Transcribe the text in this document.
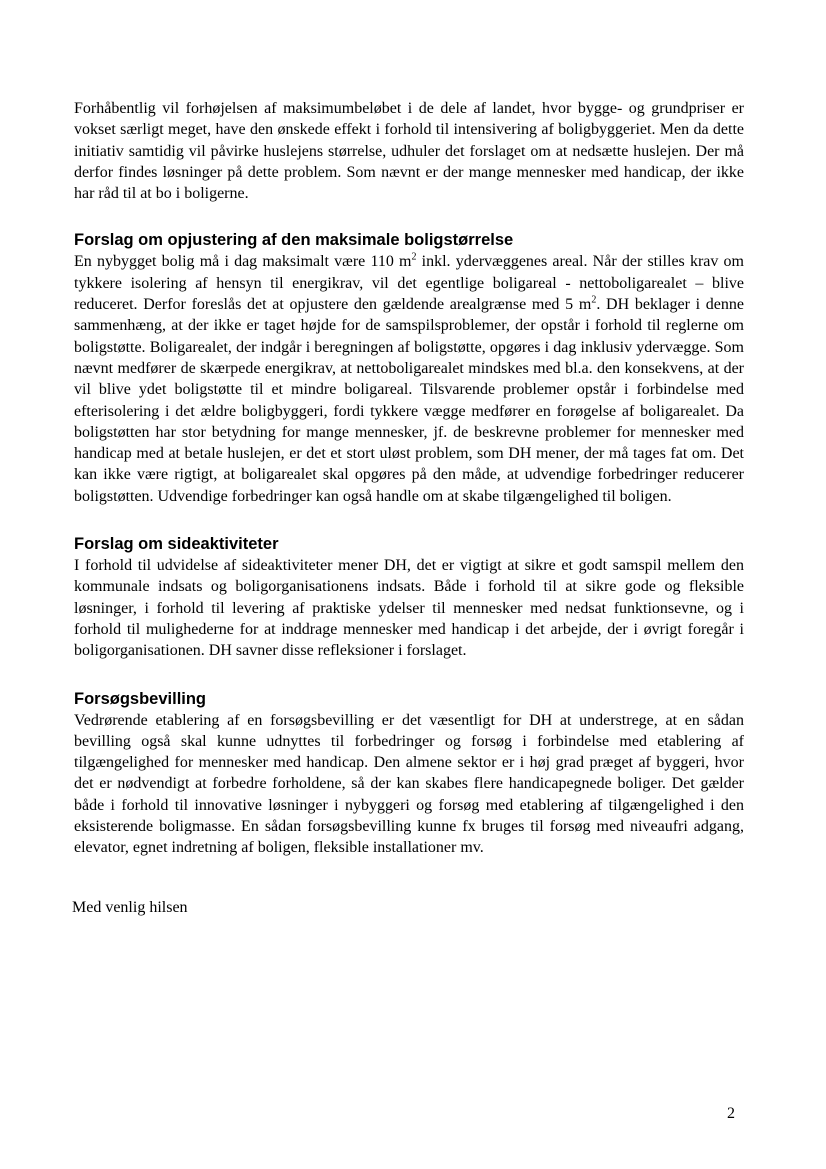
Forhåbentlig vil forhøjelsen af maksimumbeløbet i de dele af landet, hvor bygge- og grundpriser er vokset særligt meget, have den ønskede effekt i forhold til intensivering af boligbyggeriet. Men da dette initiativ samtidig vil påvirke huslejens størrelse, udhuler det forslaget om at nedsætte huslejen. Der må derfor findes løsninger på dette problem. Som nævnt er der mange mennesker med handicap, der ikke har råd til at bo i boligerne.

Forslag om opjustering af den maksimale boligstørrelse

En nybygget bolig må i dag maksimalt være 110 $m^2$ inkl. ydervæggenes areal. Når der stilles krav om tykkere isolering af hensyn til energikrav, vil det egentlige boligareal - nettoboligarealet – blive reduceret. Derfor foreslås det at opjustere den gældende arealgrænse med 5 $m^2$. DH beklager i denne sammenhæng, at der ikke er taget højde for de samspilsproblemer, der opstår i forhold til reglerne om boligstøtte. Boligarealet, der indgår i beregningen af boligstøtte, opgøres i dag inklusiv ydervægge. Som nævnt medfører de skærpede energikrav, at nettoboligarealet mindskes med bl.a. den konsekvens, at der vil blive ydet boligstøtte til et mindre boligareal. Tilsvarende problemer opstår i forbindelse med efterisolering i det ældre boligbyggeri, fordi tykkere vægge medfører en forøgelse af boligarealet. Da boligstøtten har stor betydning for mange mennesker, jf. de beskrevne problemer for mennesker med handicap med at betale huslejen, er det et stort uløst problem, som DH mener, der må tages fat om. Det kan ikke være rigtigt, at boligarealet skal opgøres på den måde, at udvendige forbedringer reducerer boligstøtten. Udvendige forbedringer kan også handle om at skabe tilgængelighed til boligen.

Forslag om sideaktiviteter

I forhold til udvidelse af sideaktiviteter mener DH, det er vigtigt at sikre et godt samspil mellem den kommunale indsats og boligorganisationens indsats. Både i forhold til at sikre gode og fleksible løsninger, i forhold til levering af praktiske ydelser til mennesker med nedsat funktionsevne, og i forhold til mulighederne for at inddrage mennesker med handicap i det arbejde, der i øvrigt foregår i boligorganisationen. DH savner disse refleksioner i forslaget.

Forsøgsbevilling

Vedrørende etablering af en forsøgsbevilling er det væsentligt for DH at understrege, at en sådan bevilling også skal kunne udnyttes til forbedringer og forsøg i forbindelse med etablering af tilgængelighed for mennesker med handicap. Den almene sektor er i høj grad præget af byggeri, hvor det er nødvendigt at forbedre forholdene, så der kan skabes flere handicapegnede boliger. Det gælder både i forhold til innovative løsninger i nybyggeri og forsøg med etablering af tilgængelighed i den eksisterende boligmasse. En sådan forsøgsbevilling kunne fx bruges til forsøg med niveaufri adgang, elevator, egnet indretning af boligen, fleksible installationer mv.

Med venlig hilsen

2
